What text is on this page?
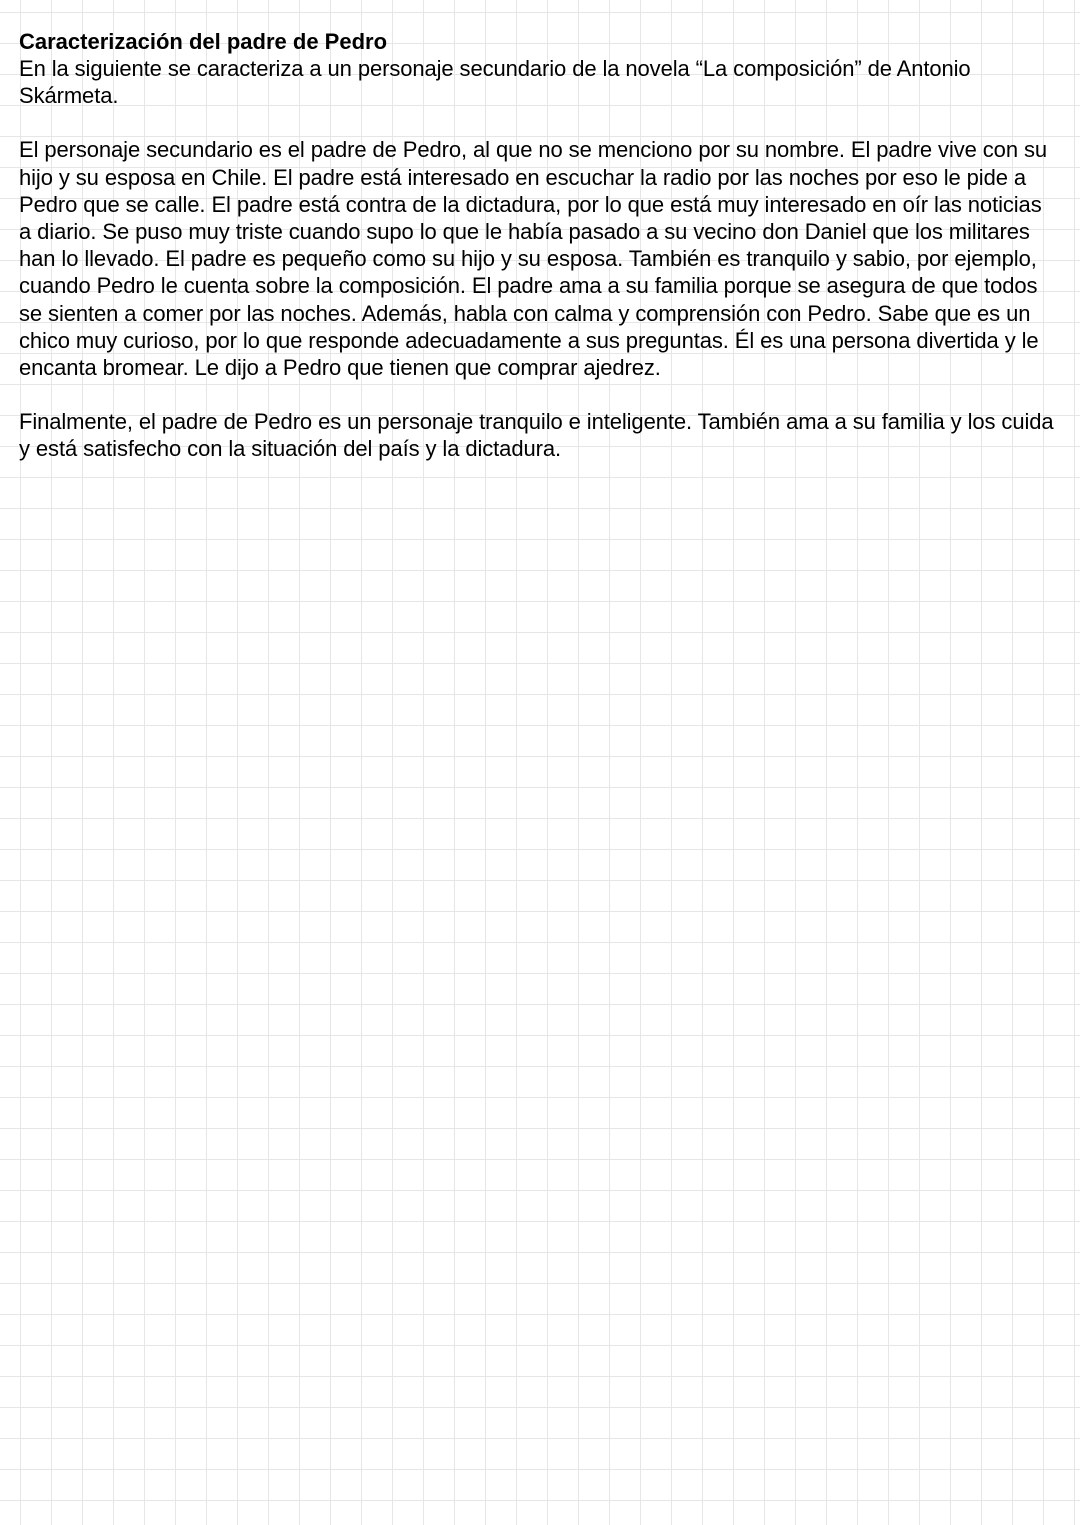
Caracterización del padre de Pedro

En la siguiente se caracteriza a un personaje secundario de la novela “La composición” de Antonio Skármeta.

El personaje secundario es el padre de Pedro, al que no se menciono por su nombre. El padre vive con su hijo y su esposa en Chile. El padre está interesado en escuchar la radio por las noches por eso le pide a Pedro que se calle. El padre está contra de la dictadura, por lo que está muy interesado en oír las noticias a diario. Se puso muy triste cuando supo lo que le había pasado a su vecino don Daniel que los militares han lo llevado. El padre es pequeño como su hijo y su esposa. También es tranquilo y sabio, por ejemplo, cuando Pedro le cuenta sobre la composición. El padre ama a su familia porque se asegura de que todos se sienten a comer por las noches. Además, habla con calma y comprensión con Pedro. Sabe que es un chico muy curioso, por lo que responde adecuadamente a sus preguntas. Él es una persona divertida y le encanta bromear. Le dijo a Pedro que tienen que comprar ajedrez.

Finalmente, el padre de Pedro es un personaje tranquilo e inteligente. También ama a su familia y los cuida y está satisfecho con la situación del país y la dictadura.
